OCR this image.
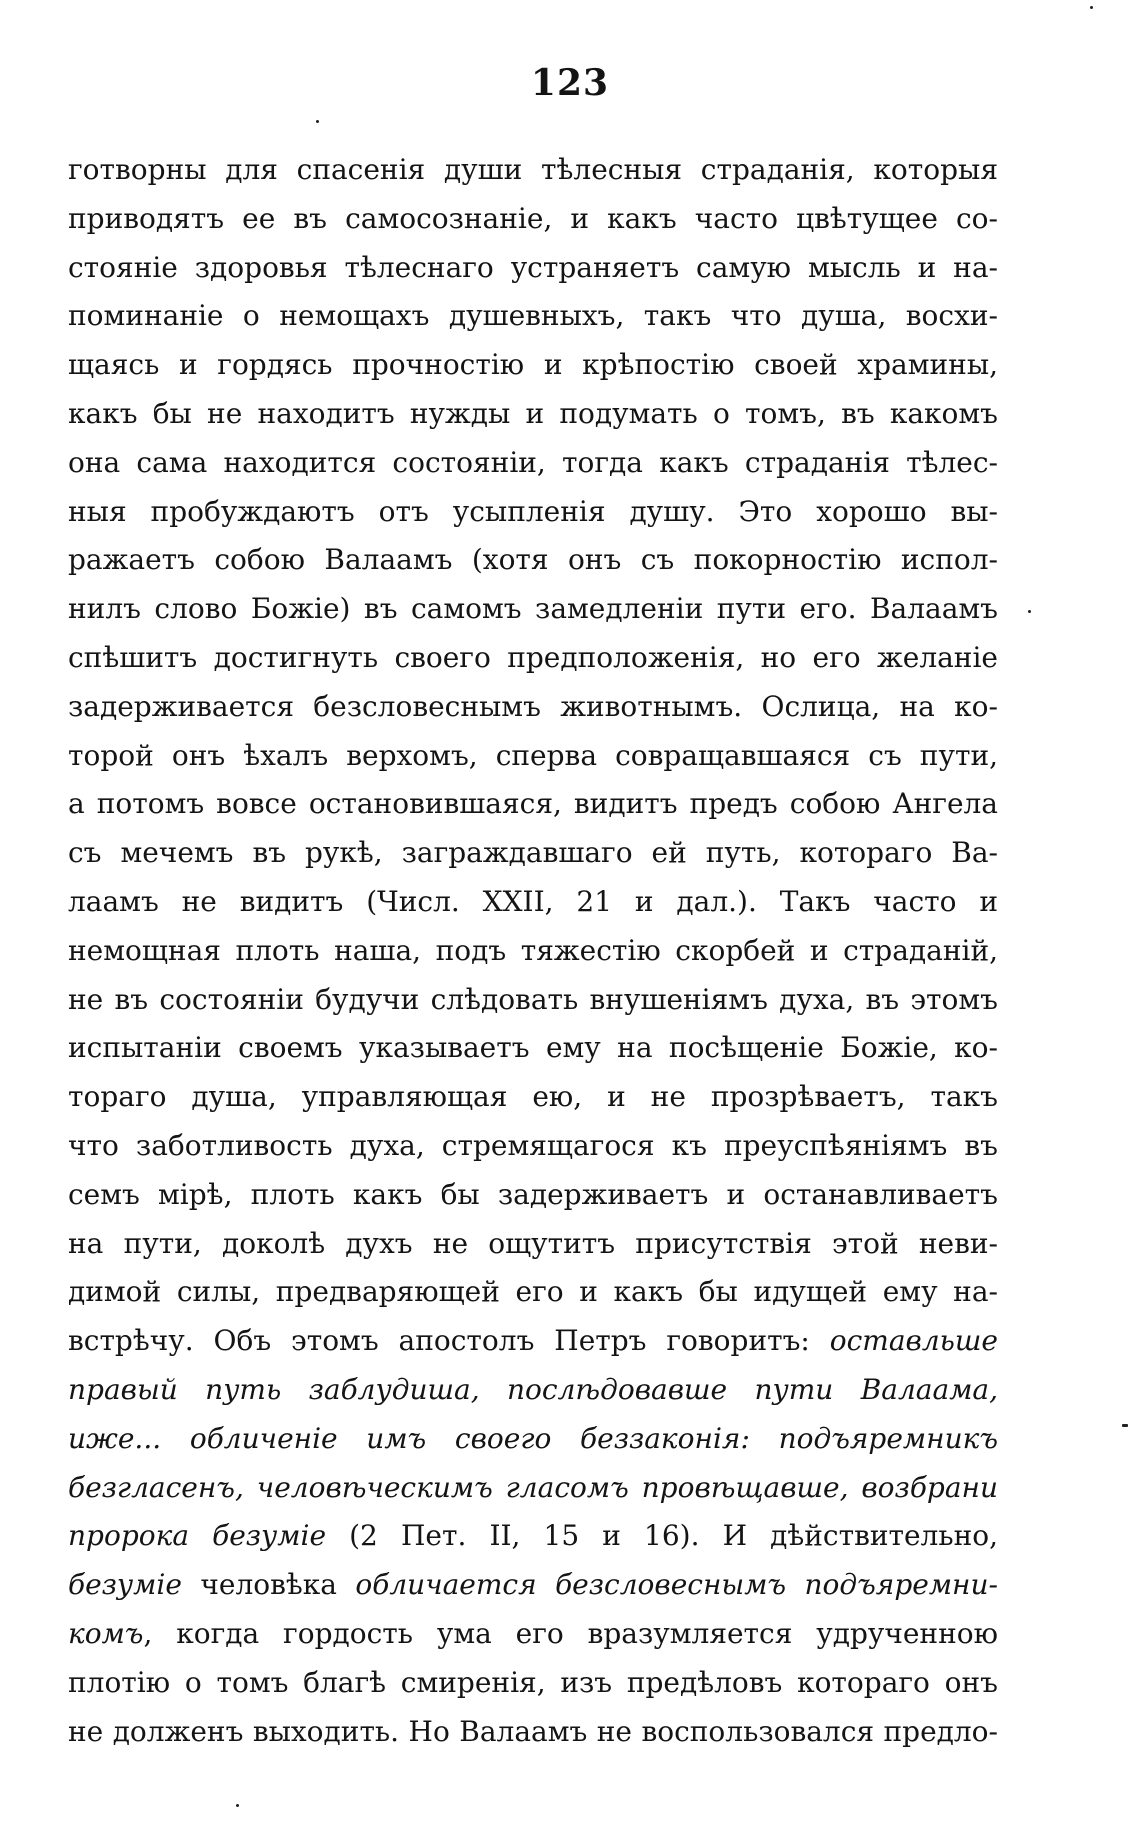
123
готворны для спасенія души тѣлесныя страданія, которыя
приводятъ ее въ самосознаніе, и какъ часто цвѣтущее со-
стояніе здоровья тѣлеснаго устраняетъ самую мысль и на-
поминаніе о немощахъ душевныхъ, такъ что душа, восхи-
щаясь и гордясь прочностію и крѣпостію своей храмины,
какъ бы не находитъ нужды и подумать о томъ, въ какомъ
она сама находится состояніи, тогда какъ страданія тѣлес-
ныя пробуждаютъ отъ усыпленія душу. Это хорошо вы-
ражаетъ собою Валаамъ (хотя онъ съ покорностію испол-
нилъ слово Божіе) въ самомъ замедленіи пути его. Валаамъ
спѣшитъ достигнуть своего предположенія, но его желаніе
задерживается безсловеснымъ животнымъ. Ослица, на ко-
торой онъ ѣхалъ верхомъ, сперва совращавшаяся съ пути,
а потомъ вовсе остановившаяся, видитъ предъ собою Ангела
съ мечемъ въ рукѣ, заграждавшаго ей путь, котораго Ва-
лаамъ не видитъ (Числ. XXII, 21 и дал.). Такъ часто и
немощная плоть наша, подъ тяжестію скорбей и страданій,
не въ состояніи будучи слѣдовать внушеніямъ духа, въ этомъ
испытаніи своемъ указываетъ ему на посѣщеніе Божіе, ко-
тораго душа, управляющая ею, и не прозрѣваетъ, такъ
что заботливость духа, стремящагося къ преуспѣяніямъ въ
семъ мірѣ, плоть какъ бы задерживаетъ и останавливаетъ
на пути, доколѣ духъ не ощутитъ присутствія этой неви-
димой силы, предваряющей его и какъ бы идущей ему на-
встрѣчу. Объ этомъ апостолъ Петръ говоритъ: оставльше
правый путь заблудиша, послѣдовавше пути Валаама,
иже... обличеніе имъ своего беззаконія: подъяремникъ
безгласенъ, человѣческимъ гласомъ провѣщавше, возбрани
пророка безуміе (2 Пет. II, 15 и 16). И дѣйствительно,
безуміе человѣка обличается безсловеснымъ подъяремни-
комъ, когда гордость ума его вразумляется удрученною
плотію о томъ благѣ смиренія, изъ предѣловъ котораго онъ
не долженъ выходить. Но Валаамъ не воспользовался предло-
